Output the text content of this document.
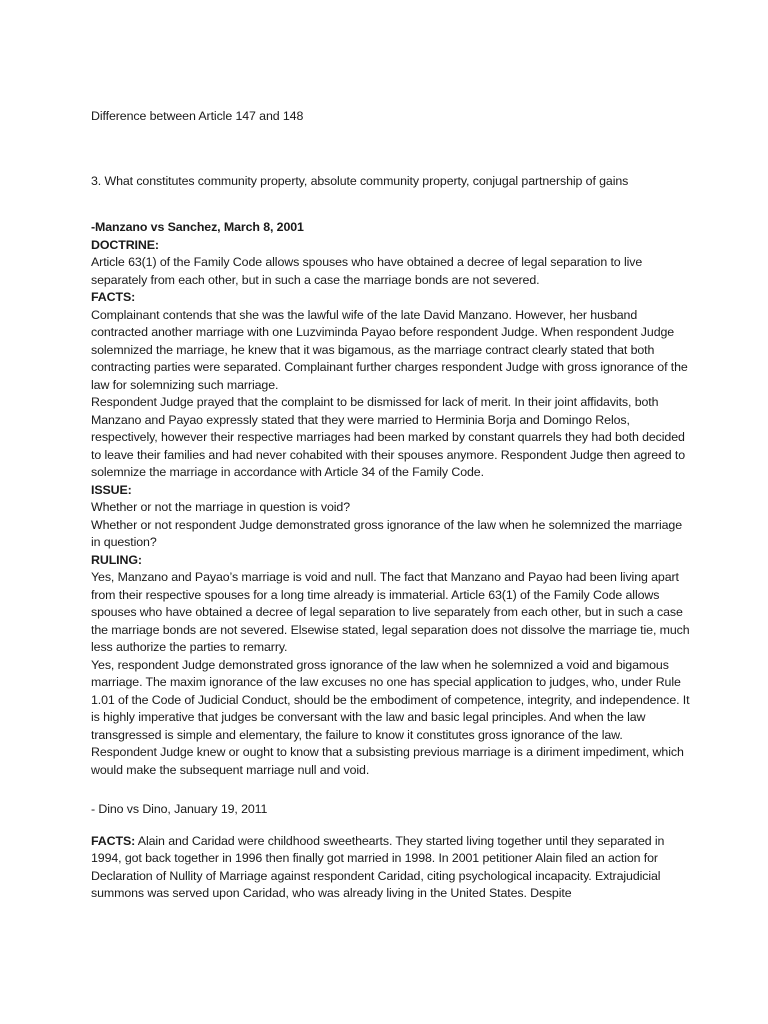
Difference between Article 147 and 148

3. What constitutes community property, absolute community property, conjugal partnership of gains

-Manzano vs Sanchez, March 8, 2001

DOCTRINE:

Article 63(1) of the Family Code allows spouses who have obtained a decree of legal separation to live separately from each other, but in such a case the marriage bonds are not severed.

FACTS:

Complainant contends that she was the lawful wife of the late David Manzano. However, her husband contracted another marriage with one Luzviminda Payao before respondent Judge. When respondent Judge solemnized the marriage, he knew that it was bigamous, as the marriage contract clearly stated that both contracting parties were separated. Complainant further charges respondent Judge with gross ignorance of the law for solemnizing such marriage.

Respondent Judge prayed that the complaint to be dismissed for lack of merit. In their joint affidavits, both Manzano and Payao expressly stated that they were married to Herminia Borja and Domingo Relos, respectively, however their respective marriages had been marked by constant quarrels they had both decided to leave their families and had never cohabited with their spouses anymore. Respondent Judge then agreed to solemnize the marriage in accordance with Article 34 of the Family Code.

ISSUE:

Whether or not the marriage in question is void?

Whether or not respondent Judge demonstrated gross ignorance of the law when he solemnized the marriage in question?

RULING:

Yes, Manzano and Payao’s marriage is void and null. The fact that Manzano and Payao had been living apart from their respective spouses for a long time already is immaterial. Article 63(1) of the Family Code allows spouses who have obtained a decree of legal separation to live separately from each other, but in such a case the marriage bonds are not severed. Elsewise stated, legal separation does not dissolve the marriage tie, much less authorize the parties to remarry.

Yes, respondent Judge demonstrated gross ignorance of the law when he solemnized a void and bigamous marriage. The maxim ignorance of the law excuses no one has special application to judges, who, under Rule 1.01 of the Code of Judicial Conduct, should be the embodiment of competence, integrity, and independence. It is highly imperative that judges be conversant with the law and basic legal principles. And when the law transgressed is simple and elementary, the failure to know it constitutes gross ignorance of the law. Respondent Judge knew or ought to know that a subsisting previous marriage is a diriment impediment, which would make the subsequent marriage null and void.

- Dino vs Dino, January 19, 2011

FACTS: Alain and Caridad were childhood sweethearts. They started living together until they separated in 1994, got back together in 1996 then finally got married in 1998. In 2001 petitioner Alain filed an action for Declaration of Nullity of Marriage against respondent Caridad, citing psychological incapacity. Extrajudicial summons was served upon Caridad, who was already living in the United States. Despite
